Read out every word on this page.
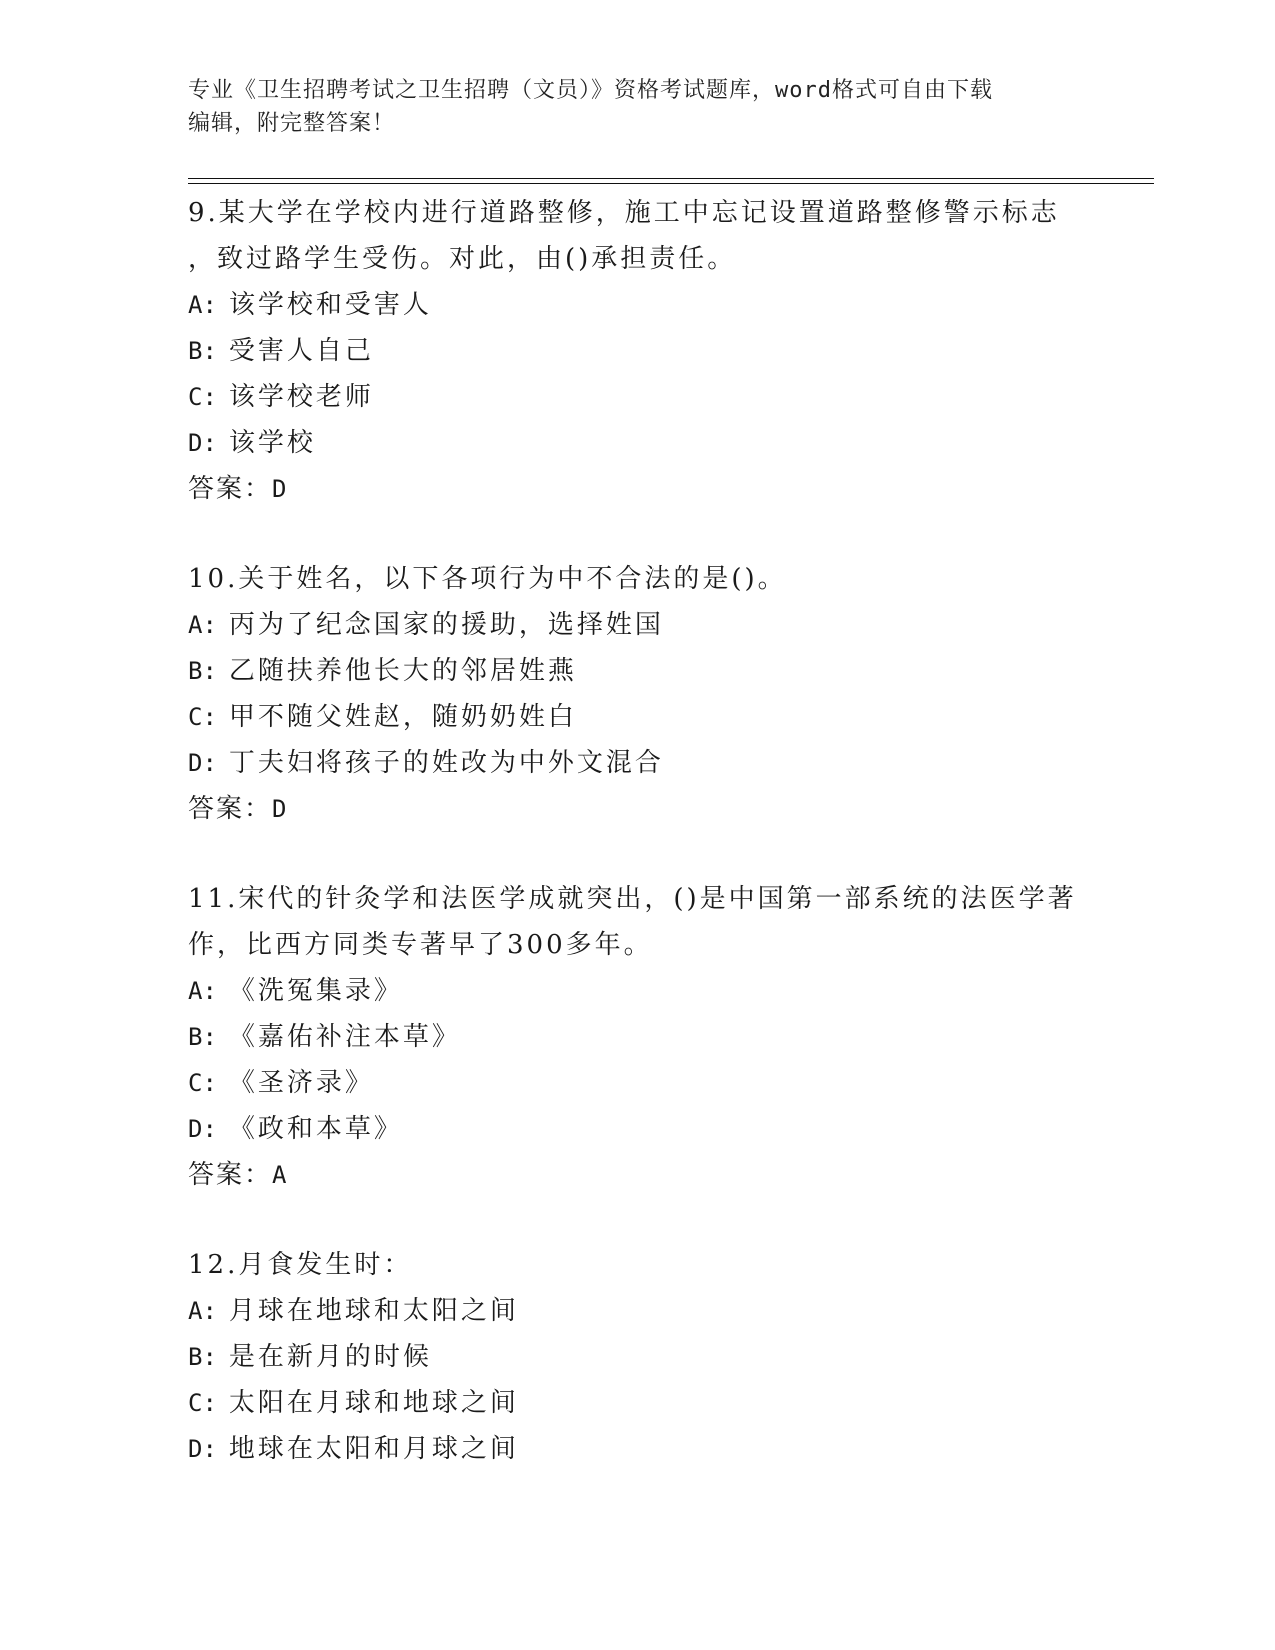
专业《卫生招聘考试之卫生招聘（文员）》资格考试题库，word格式可自由下载
编辑，附完整答案！
9.某大学在学校内进行道路整修，施工中忘记设置道路整修警示标志
，致过路学生受伤。对此，由()承担责任。
A: 该学校和受害人
B: 受害人自己
C: 该学校老师
D: 该学校
答案：D
10.关于姓名，以下各项行为中不合法的是()。
A: 丙为了纪念国家的援助，选择姓国
B: 乙随扶养他长大的邻居姓燕
C: 甲不随父姓赵，随奶奶姓白
D: 丁夫妇将孩子的姓改为中外文混合
答案：D
11.宋代的针灸学和法医学成就突出，()是中国第一部系统的法医学著
作，比西方同类专著早了300多年。
A: 《洗冤集录》
B: 《嘉佑补注本草》
C: 《圣济录》
D: 《政和本草》
答案：A
12.月食发生时：
A: 月球在地球和太阳之间
B: 是在新月的时候
C: 太阳在月球和地球之间
D: 地球在太阳和月球之间
